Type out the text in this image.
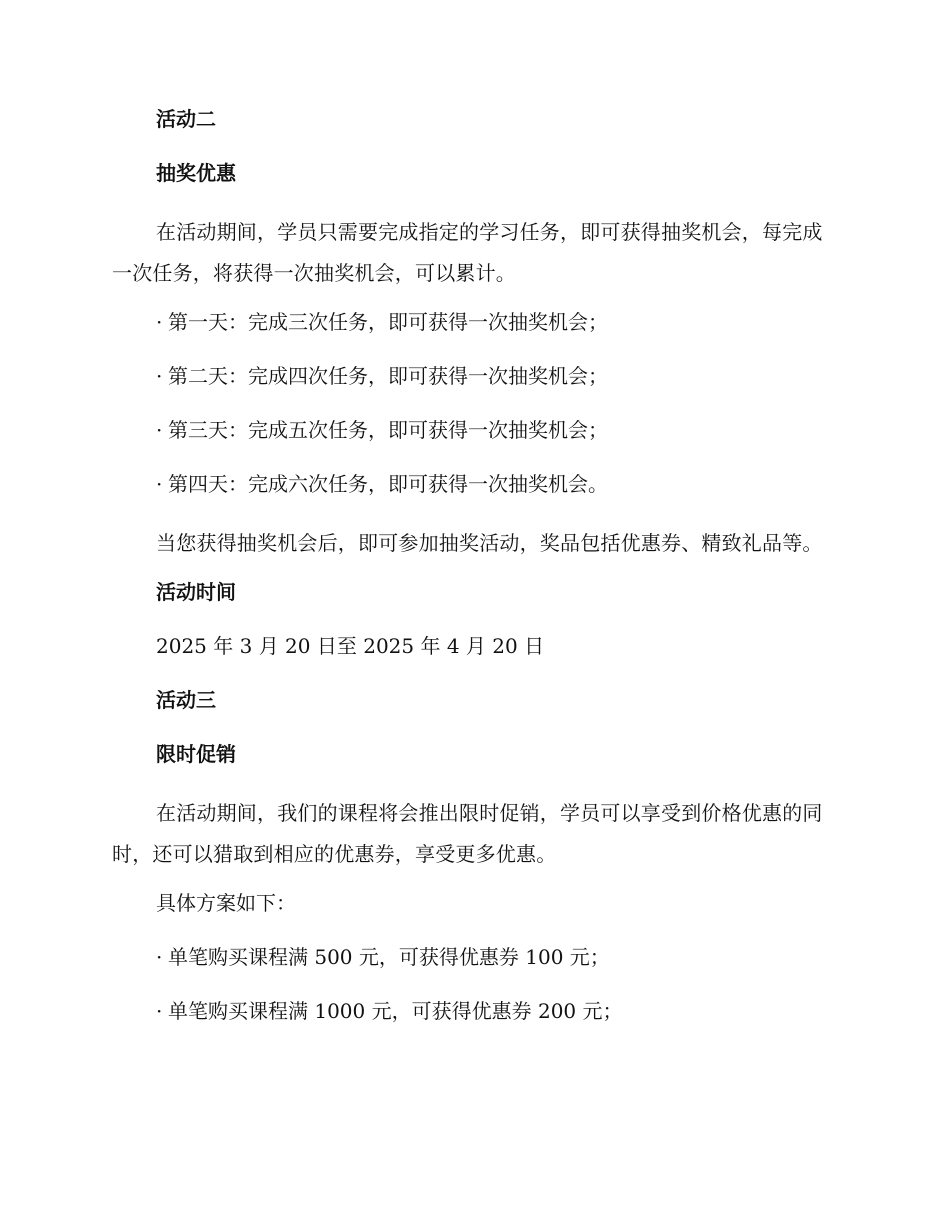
活动二
抽奖优惠

在活动期间，学员只需要完成指定的学习任务，即可获得抽奖机会，每完成一次任务，将获得一次抽奖机会，可以累计。

· 第一天：完成三次任务，即可获得一次抽奖机会；
· 第二天：完成四次任务，即可获得一次抽奖机会；
· 第三天：完成五次任务，即可获得一次抽奖机会；
· 第四天：完成六次任务，即可获得一次抽奖机会。

当您获得抽奖机会后，即可参加抽奖活动，奖品包括优惠券、精致礼品等。

活动时间
2025 年 3 月 20 日至 2025 年 4 月 20 日
活动三
限时促销

在活动期间，我们的课程将会推出限时促销，学员可以享受到价格优惠的同时，还可以猎取到相应的优惠券，享受更多优惠。

具体方案如下：
· 单笔购买课程满 500 元，可获得优惠券 100 元；
· 单笔购买课程满 1000 元，可获得优惠券 200 元；
